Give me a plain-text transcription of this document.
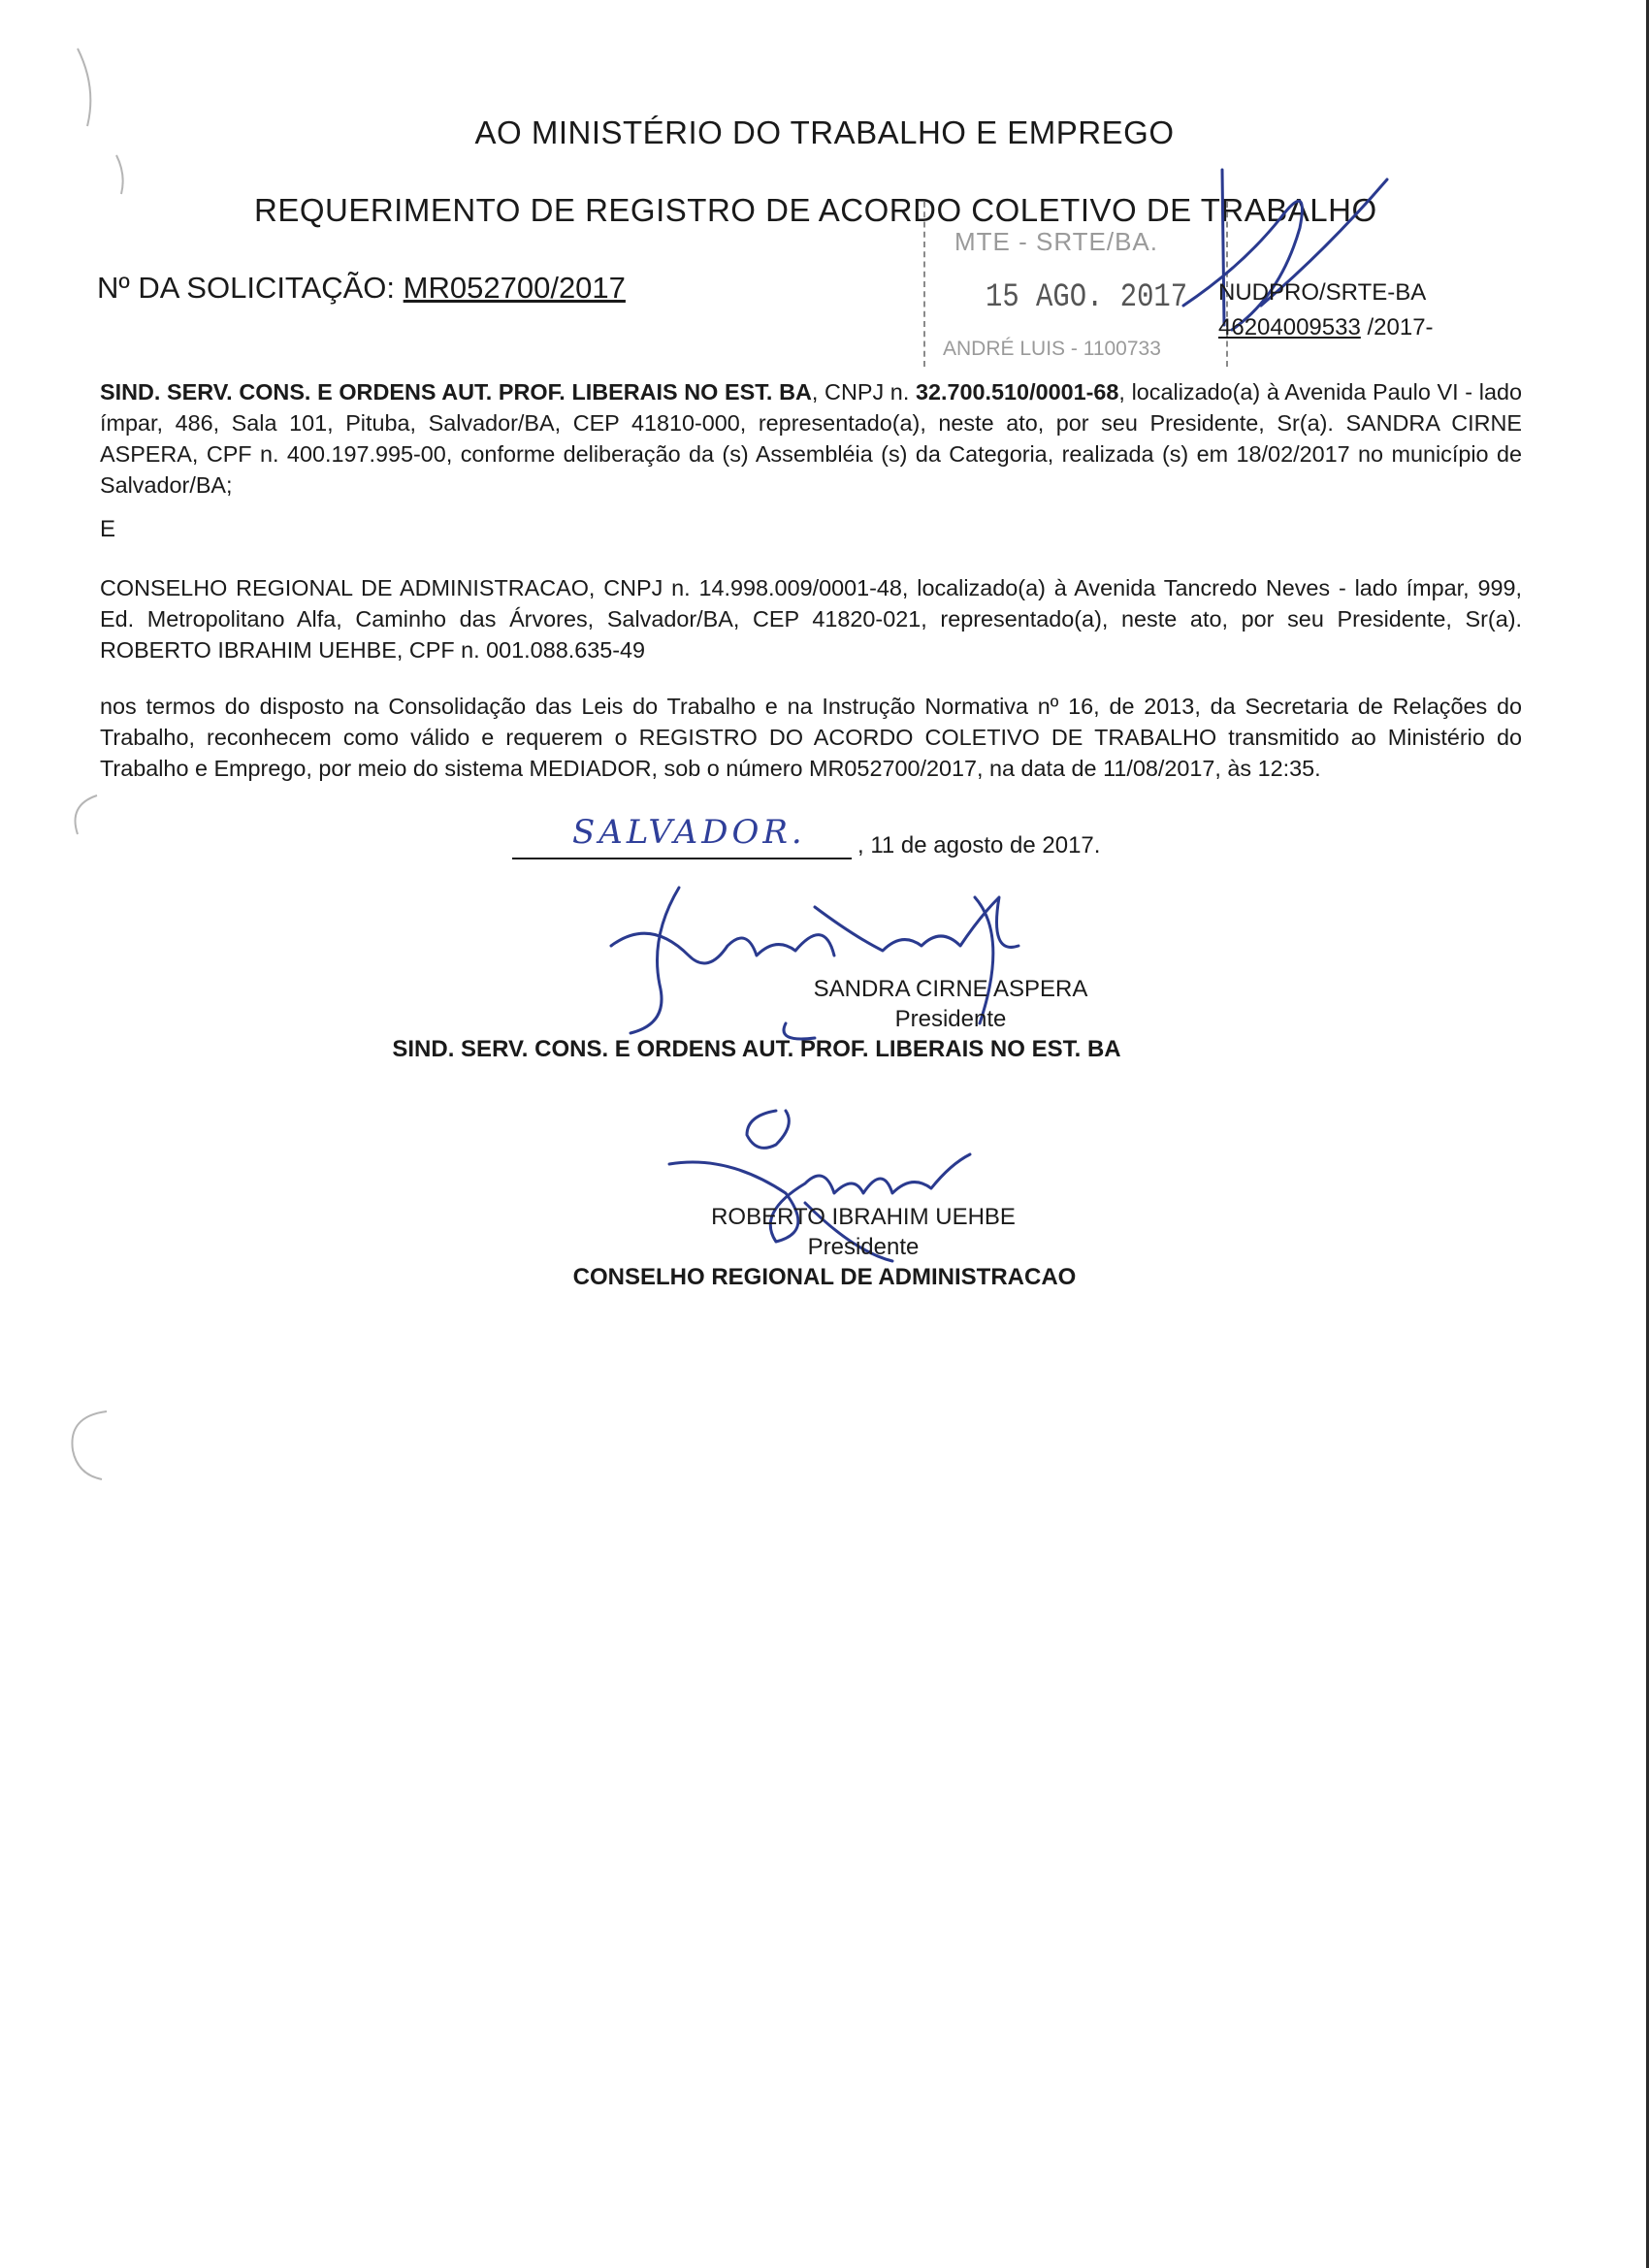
AO MINISTÉRIO DO TRABALHO E EMPREGO
REQUERIMENTO DE REGISTRO DE ACORDO COLETIVO DE TRABALHO
Nº DA SOLICITAÇÃO: MR052700/2017
MTE - SRTE/BA.
15 AGO. 2017
ANDRÉ LUIS - 1100733
NUDPRO/SRTE-BA
46204009533 /2017-
SIND. SERV. CONS. E ORDENS AUT. PROF. LIBERAIS NO EST. BA, CNPJ n. 32.700.510/0001-68, localizado(a) à Avenida Paulo VI - lado ímpar, 486, Sala 101, Pituba, Salvador/BA, CEP 41810-000, representado(a), neste ato, por seu Presidente, Sr(a). SANDRA CIRNE ASPERA, CPF n. 400.197.995-00, conforme deliberação da (s) Assembléia (s) da Categoria, realizada (s) em 18/02/2017 no município de Salvador/BA;
E
CONSELHO REGIONAL DE ADMINISTRACAO, CNPJ n. 14.998.009/0001-48, localizado(a) à Avenida Tancredo Neves - lado ímpar, 999, Ed. Metropolitano Alfa, Caminho das Árvores, Salvador/BA, CEP 41820-021, representado(a), neste ato, por seu Presidente, Sr(a). ROBERTO IBRAHIM UEHBE, CPF n. 001.088.635-49
nos termos do disposto na Consolidação das Leis do Trabalho e na Instrução Normativa nº 16, de 2013, da Secretaria de Relações do Trabalho, reconhecem como válido e requerem o REGISTRO DO ACORDO COLETIVO DE TRABALHO transmitido ao Ministério do Trabalho e Emprego, por meio do sistema MEDIADOR, sob o número MR052700/2017, na data de 11/08/2017, às 12:35.
SALVADOR. , 11 de agosto de 2017.
SANDRA CIRNE ASPERA
Presidente
SIND. SERV. CONS. E ORDENS AUT. PROF. LIBERAIS NO EST. BA
ROBERTO IBRAHIM UEHBE
Presidente
CONSELHO REGIONAL DE ADMINISTRACAO
